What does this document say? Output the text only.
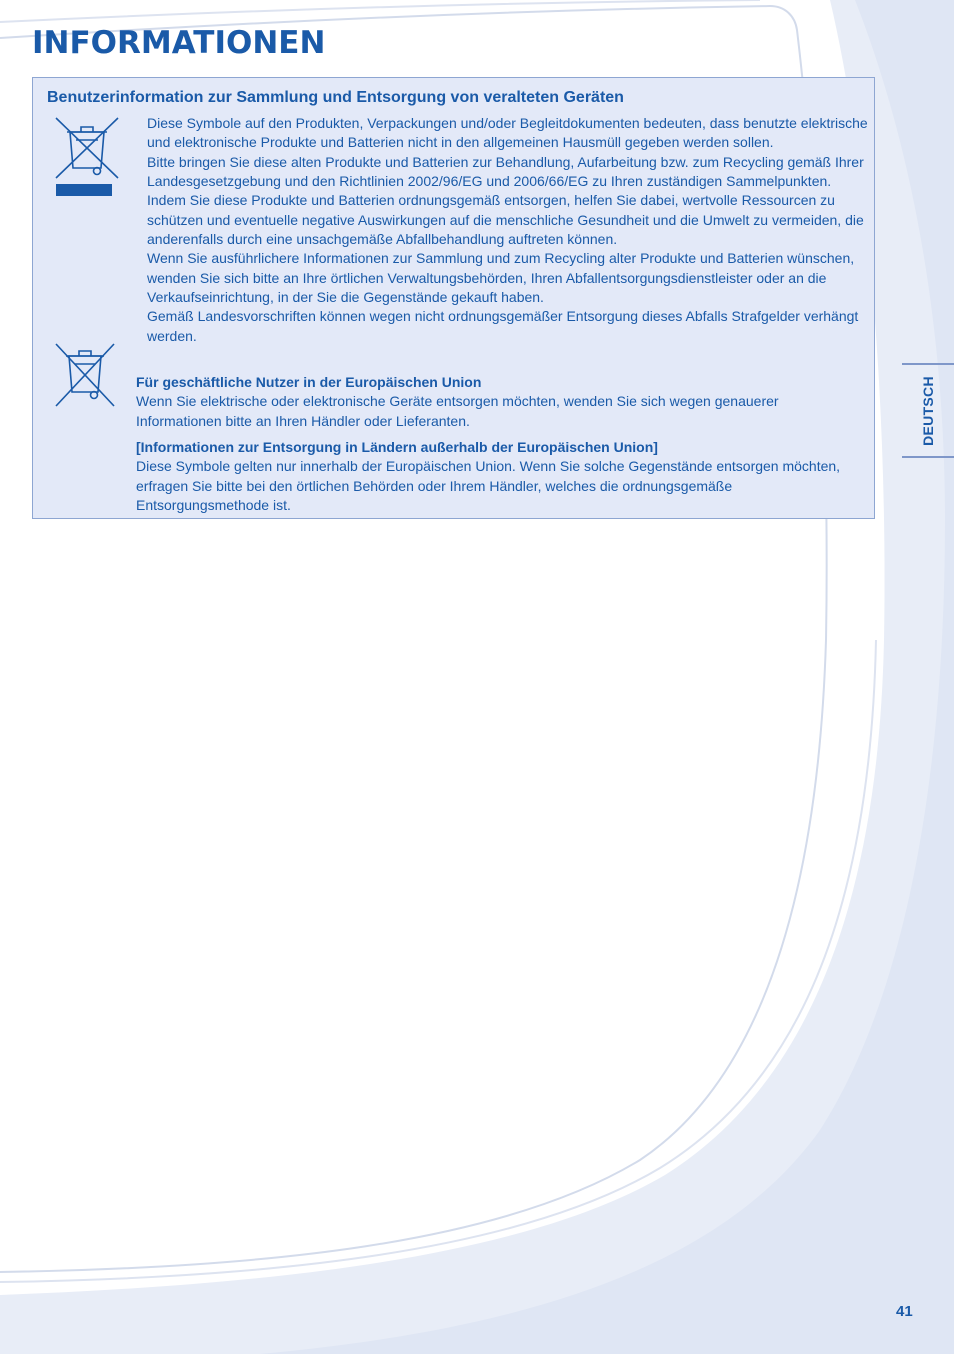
INFORMATIONEN
Benutzerinformation zur Sammlung und Entsorgung von veralteten Geräten

Diese Symbole auf den Produkten, Verpackungen und/oder Begleitdokumenten bedeuten, dass benutzte elektrische und elektronische Produkte und Batterien nicht in den allgemeinen Hausmüll gegeben werden sollen.

Bitte bringen Sie diese alten Produkte und Batterien zur Behandlung, Aufarbeitung bzw. zum Recycling gemäß Ihrer Landesgesetzgebung und den Richtlinien 2002/96/EG und 2006/66/EG zu Ihren zuständigen Sammelpunkten.

Indem Sie diese Produkte und Batterien ordnungsgemäß entsorgen, helfen Sie dabei, wertvolle Ressourcen zu schützen und eventuelle negative Auswirkungen auf die menschliche Gesundheit und die Umwelt zu vermeiden, die anderenfalls durch eine unsachgemäße Abfallbehandlung auftreten können.

Wenn Sie ausführlichere Informationen zur Sammlung und zum Recycling alter Produkte und Batterien wünschen, wenden Sie sich bitte an Ihre örtlichen Verwaltungsbehörden, Ihren Abfallentsorgungsdienstleister oder an die Verkaufseinrichtung, in der Sie die Gegenstände gekauft haben.

Gemäß Landesvorschriften können wegen nicht ordnungsgemäßer Entsorgung dieses Abfalls Strafgelder verhängt werden.

Für geschäftliche Nutzer in der Europäischen Union

Wenn Sie elektrische oder elektronische Geräte entsorgen möchten, wenden Sie sich wegen genauerer Informationen bitte an Ihren Händler oder Lieferanten.

[Informationen zur Entsorgung in Ländern außerhalb der Europäischen Union]

Diese Symbole gelten nur innerhalb der Europäischen Union. Wenn Sie solche Gegenstände entsorgen möchten, erfragen Sie bitte bei den örtlichen Behörden oder Ihrem Händler, welches die ordnungsgemäße Entsorgungsmethode ist.

DEUTSCH
41
